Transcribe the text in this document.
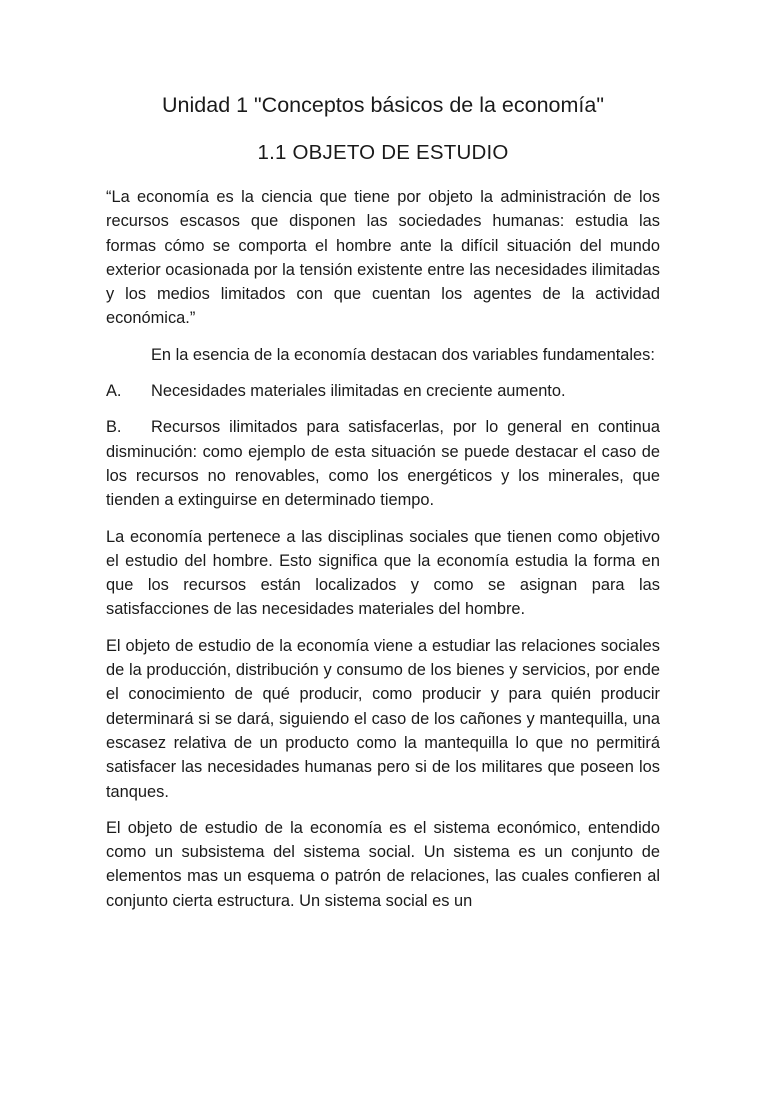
Unidad 1 "Conceptos básicos de la economía"
1.1 OBJETO DE ESTUDIO

“La economía es la ciencia que tiene por objeto la administración de los recursos escasos que disponen las sociedades humanas: estudia las formas cómo se comporta el hombre ante la difícil situación del mundo exterior ocasionada por la tensión existente entre las necesidades ilimitadas y los medios limitados con que cuentan los agentes de la actividad económica.”

En la esencia de la economía destacan dos variables fundamentales:

A. Necesidades materiales ilimitadas en creciente aumento.

B. Recursos ilimitados para satisfacerlas, por lo general en continua disminución: como ejemplo de esta situación se puede destacar el caso de los recursos no renovables, como los energéticos y los minerales, que tienden a extinguirse en determinado tiempo.

La economía pertenece a las disciplinas sociales que tienen como objetivo el estudio del hombre. Esto significa que la economía estudia la forma en que los recursos están localizados y como se asignan para las satisfacciones de las necesidades materiales del hombre.

El objeto de estudio de la economía viene a estudiar las relaciones sociales de la producción, distribución y consumo de los bienes y servicios, por ende el conocimiento de qué producir, como producir y para quién producir determinará si se dará, siguiendo el caso de los cañones y mantequilla, una escasez relativa de un producto como la mantequilla lo que no permitirá satisfacer las necesidades humanas pero si de los militares que poseen los tanques.

El objeto de estudio de la economía es el sistema económico, entendido como un subsistema del sistema social. Un sistema es un conjunto de elementos mas un esquema o patrón de relaciones, las cuales confieren al conjunto cierta estructura. Un sistema social es un
